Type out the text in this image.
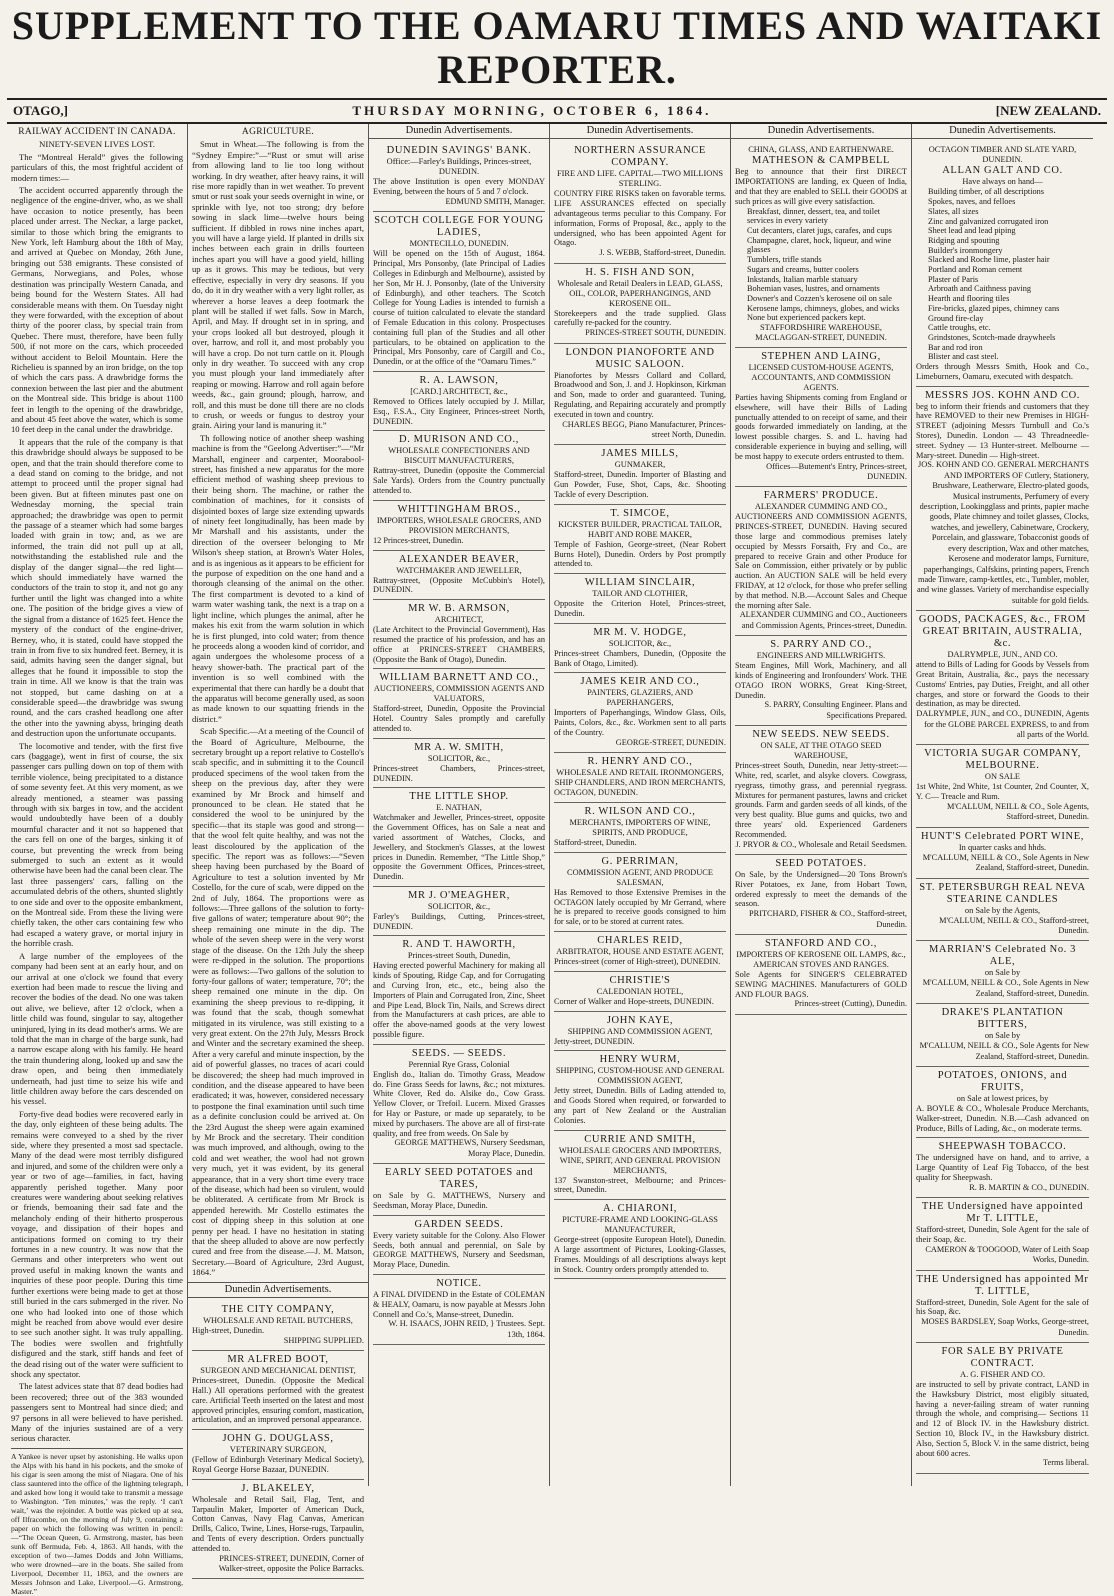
SUPPLEMENT TO THE OAMARU TIMES AND WAITAKI REPORTER.
OTAGO,]	THURSDAY MORNING, OCTOBER 6, 1864.	[NEW ZEALAND.
RAILWAY ACCIDENT IN CANADA.
NINETY-SEVEN LIVES LOST.

The “Montreal Herald” gives the following particulars of this, the most frightful accident of modern times:—

The accident occurred apparently through the negligence of the engine-driver, who, as we shall have occasion to notice presently, has been placed under arrest. The Neckar, a large packet, similar to those which bring the emigrants to New York, left Hamburg about the 18th of May, and arrived at Quebec on Monday, 26th June, bringing out 538 emigrants. These consisted of Germans, Norwegians, and Poles, whose destination was principally Western Canada, and being bound for the Western States. All had considerable means with them. On Tuesday night they were forwarded, with the exception of about thirty of the poorer class, by special train from Quebec. There must, therefore, have been fully 500, if not more on the cars, which proceeded without accident to Beloil Mountain. Here the Richelieu is spanned by an iron bridge, on the top of which the cars pass. A drawbridge forms the connexion between the last pier and the abutment on the Montreal side. This bridge is about 1100 feet in length to the opening of the drawbridge, and about 45 feet above the water, which is some 10 feet deep in the canal under the drawbridge.

It appears that the rule of the company is that this drawbridge should always be supposed to be open, and that the train should therefore come to a dead stand on coming to the bridge, and not attempt to proceed until the proper signal had been given. But at fifteen minutes past one on Wednesday morning, the special train approached; the drawbridge was open to permit the passage of a steamer which had some barges loaded with grain in tow; and, as we are informed, the train did not pull up at all, notwithstanding the established rule and the display of the danger signal—the red light—which should immediately have warned the conductors of the train to stop it, and not go any further until the light was changed into a white one. The position of the bridge gives a view of the signal from a distance of 1625 feet. Hence the mystery of the conduct of the engine-driver, Berney, who, it is stated, could have stopped the train in from five to six hundred feet. Berney, it is said, admits having seen the danger signal, but alleges that he found it impossible to stop the train in time. All we know is that the train was not stopped, but came dashing on at a considerable speed—the drawbridge was swung round, and the cars crashed headlong one after the other into the yawning abyss, bringing death and destruction upon the unfortunate occupants.

The locomotive and tender, with the first five cars (baggage), went in first of course, the six passenger cars pulling down on top of them with terrible violence, being precipitated to a distance of some seventy feet. At this very moment, as we already mentioned, a steamer was passing through with six barges in tow, and the accident would undoubtedly have been of a doubly mournful character and it not so happened that the cars fell on one of the barges, sinking it of course, but preventing the wreck from being submerged to such an extent as it would otherwise have been had the canal been clear. The last three passengers' cars, falling on the accumulated debris of the others, shunted slightly to one side and over to the opposite embankment, on the Montreal side. From these the living were chiefly taken, the other cars containing few who had escaped a watery grave, or mortal injury in the horrible crash.

A large number of the employees of the company had been sent at an early hour, and on our arrival at one o'clock we found that every exertion had been made to rescue the living and recover the bodies of the dead. No one was taken out alive, we believe, after 12 o'clock, when a little child was found, singular to say, altogether uninjured, lying in its dead mother's arms. We are told that the man in charge of the barge sunk, had a narrow escape along with his family. He heard the train thundering along, looked up and saw the draw open, and being then immediately underneath, had just time to seize his wife and little children away before the cars descended on his vessel.

Forty-five dead bodies were recovered early in the day, only eighteen of these being adults. The remains were conveyed to a shed by the river side, where they presented a most sad spectacle. Many of the dead were most terribly disfigured and injured, and some of the children were only a year or two of age—families, in fact, having apparently perished together. Many poor creatures were wandering about seeking relatives or friends, bemoaning their sad fate and the melancholy ending of their hitherto prosperous voyage, and dissipation of their hopes and anticipations formed on coming to try their fortunes in a new country. It was now that the Germans and other interpreters who went out proved useful in making known the wants and inquiries of these poor people. During this time further exertions were being made to get at those still buried in the cars submerged in the river. No one who had looked into one of those which might be reached from above would ever desire to see such another sight. It was truly appalling. The bodies were swollen and frightfully disfigured and the stark, stiff hands and feet of the dead rising out of the water were sufficient to shock any spectator.

The latest advices state that 87 dead bodies had been recovered; three out of the 383 wounded passengers sent to Montreal had since died; and 97 persons in all were believed to have perished. Many of the injuries sustained are of a very serious character.

A Yankee is never upset by astonishing. He walks upon the Alps with his hand in his pockets, and the smoke of his cigar is seen among the mist of Niagara. One of his class sauntered into the office of the lightning telegraph, and asked how long it would take to transmit a message to Washington. ‘Ten minutes,’ was the reply. ‘I can't wait,’ was the rejoinder. A bottle was picked up at sea, off Ilfracombe, on the morning of July 9, containing a paper on which the following was written in pencil:—“The Ocean Queen, G. Armstrong, master, has been sunk off Bermuda, Feb. 4, 1863. All hands, with the exception of two—James Dodds and John Williams, who were drowned—are in the boats. She sailed from Liverpool, December 11, 1863, and the owners are Messrs Johnson and Lake, Liverpool.—G. Armstrong, Master.”
AGRICULTURE.

Smut in Wheat.—The following is from the “Sydney Empire:”—“Rust or smut will arise from allowing land to lie too long without working. In dry weather, after heavy rains, it will rise more rapidly than in wet weather. To prevent smut or rust soak your seeds overnight in wine, or sprinkle with lye, not too strong; dry before sowing in slack lime—twelve hours being sufficient. If dibbled in rows nine inches apart, you will have a large yield. If planted in drills six inches between each grain in drills fourteen inches apart you will have a good yield, hilling up as it grows. This may be tedious, but very effective, especially in very dry seasons. If you do, do it in dry weather with a very light roller, as wherever a horse leaves a deep footmark the plant will be stalled if wet falls. Sow in March, April, and May. If drought set in in spring, and your crops looked all but destroyed, plough it over, harrow, and roll it, and most probably you will have a crop. Do not turn cattle on it. Plough only in dry weather. To succeed with any crop you must plough your land immediately after reaping or mowing. Harrow and roll again before weeds, &c., gain ground; plough, harrow, and roll, and this must be done till there are no clods to crush, or weeds or fungus to destroy your grain. Airing your land is manuring it.”

Th following notice of another sheep washing machine is from the “Geelong Advertiser:”—“Mr Marshall, engineer and carpenter, Moorabool-street, has finished a new apparatus for the more efficient method of washing sheep previous to their being shorn. The machine, or rather the combination of machines, for it consists of disjointed boxes of large size extending upwards of ninety feet longitudinally, has been made by Mr Marshall and his assistants, under the direction of the overseer belonging to Mr Wilson's sheep station, at Brown's Water Holes, and is as ingenious as it appears to be efficient for the purpose of expedition on the one hand and a thorough cleansing of the animal on the other. The first compartment is devoted to a kind of warm water washing tank, the next is a trap on a light incline, which plunges the animal, after he makes his exit from the warm solution in which he is first plunged, into cold water; from thence he proceeds along a wooden kind of corridor, and again undergoes the wholesome process of a heavy shower-bath. The practical part of the invention is so well combined with the experimental that there can hardly be a doubt that the apparatus will become generally used, as soon as made known to our squatting friends in the district.”

Scab Specific.—At a meeting of the Council of the Board of Agriculture, Melbourne, the secretary brought up a report relative to Costello's scab specific, and in submitting it to the Council produced specimens of the wool taken from the sheep on the previous day, after they were examined by Mr Brock and himself and pronounced to be clean. He stated that he considered the wool to be uninjured by the specific—that its staple was good and strong—that the wool felt quite healthy, and was not the least discoloured by the application of the specific. The report was as follows:—“Seven sheep having been purchased by the Board of Agriculture to test a solution invented by Mr Costello, for the cure of scab, were dipped on the 2nd of July, 1864. The proportions were as follows:—Three gallons of the solution to forty-five gallons of water; temperature about 90°; the sheep remaining one minute in the dip. The whole of the seven sheep were in the very worst stage of the disease. On the 12th July the sheep were re-dipped in the solution. The proportions were as follows:—Two gallons of the solution to forty-four gallons of water; temperature, 70°; the sheep remained one minute in the dip. On examining the sheep previous to re-dipping, it was found that the scab, though somewhat mitigated in its virulence, was still existing to a very great extent. On the 27th July, Messrs Brock and Winter and the secretary examined the sheep. After a very careful and minute inspection, by the aid of powerful glasses, no traces of acari could be discovered; the sheep had much improved in condition, and the disease appeared to have been eradicated; it was, however, considered necessary to postpone the final examination until such time as a definite conclusion could be arrived at. On the 23rd August the sheep were again examined by Mr Brock and the secretary. Their condition was much improved, and although, owing to the cold and wet weather, the wool had not grown very much, yet it was evident, by its general appearance, that in a very short time every trace of the disease, which had been so virulent, would be obliterated. A certificate from Mr Brock is appended herewith. Mr Costello estimates the cost of dipping sheep in this solution at one penny per head. I have no hesitation in stating that the sheep alluded to above are now perfectly cured and free from the disease.—J. M. Matson, Secretary.—Board of Agriculture, 23rd August, 1864.”

Dunedin Advertisements.
THE CITY COMPANY,
WHOLESALE AND RETAIL BUTCHERS,
High-street, Dunedin.
SHIPPING SUPPLIED.
MR ALFRED BOOT,
SURGEON AND MECHANICAL DENTIST,
Princes-street, Dunedin. (Opposite the Medical Hall.) All operations performed with the greatest care. Artificial Teeth inserted on the latest and most approved principles, ensuring comfort, mastication, articulation, and an improved personal appearance.
JOHN G. DOUGLASS,
VETERINARY SURGEON,
(Fellow of Edinburgh Veterinary Medical Society), Royal George Horse Bazaar, DUNEDIN.
J. BLAKELEY,
Wholesale and Retail Sail, Flag, Tent, and Tarpaulin Maker, Importer of American Duck, Cotton Canvas, Navy Flag Canvas, American Drills, Calico, Twine, Lines, Horse-rugs, Tarpaulin, and Tents of every description. Orders punctually attended to.
PRINCES-STREET, DUNEDIN, Corner of Walker-street, opposite the Police Barracks.
Dunedin Advertisements.
DUNEDIN SAVINGS' BANK.
Office:—Farley's Buildings, Princes-street, DUNEDIN.
The above Institution is open every MONDAY Evening, between the hours of 5 and 7 o'clock.
EDMUND SMITH, Manager.
SCOTCH COLLEGE FOR YOUNG LADIES,
MONTECILLO, DUNEDIN.
Will be opened on the 15th of August, 1864. Principal, Mrs Ponsonby, (late Principal of Ladies Colleges in Edinburgh and Melbourne), assisted by her Son, Mr H. J. Ponsonby, (late of the University of Edinburgh), and other teachers. The Scotch College for Young Ladies is intended to furnish a course of tuition calculated to elevate the standard of Female Education in this colony. Prospectuses containing full plan of the Studies and all other particulars, to be obtained on application to the Principal, Mrs Ponsonby, care of Cargill and Co., Dunedin, or at the office of the “Oamaru Times.”
R. A. LAWSON,
[CARD.] ARCHITECT, &c.,
Removed to Offices lately occupied by J. Millar, Esq., F.S.A., City Engineer, Princes-street North, DUNEDIN.
D. MURISON AND CO.,
WHOLESALE CONFECTIONERS AND BISCUIT MANUFACTURERS,
Rattray-street, Dunedin (opposite the Commercial Sale Yards). Orders from the Country punctually attended to.
WHITTINGHAM BROS.,
IMPORTERS, WHOLESALE GROCERS, AND PROVISION MERCHANTS,
12 Princes-street, Dunedin.
ALEXANDER BEAVER,
WATCHMAKER AND JEWELLER,
Rattray-street, (Opposite McCubbin's Hotel), DUNEDIN.
MR W. B. ARMSON,
ARCHITECT,
(Late Architect to the Provincial Government), Has resumed the practice of his profession, and has an office at PRINCES-STREET CHAMBERS, (Opposite the Bank of Otago), Dunedin.
WILLIAM BARNETT AND CO.,
AUCTIONEERS, COMMISSION AGENTS AND VALUATORS,
Stafford-street, Dunedin, Opposite the Provincial Hotel. Country Sales promptly and carefully attended to.
MR A. W. SMITH,
SOLICITOR, &c.,
Princes-street Chambers, Princes-street, DUNEDIN.
THE LITTLE SHOP.
E. NATHAN,
Watchmaker and Jeweller, Princes-street, opposite the Government Offices, has on Sale a neat and varied assortment of Watches, Clocks, and Jewellery, and Stockmen's Glasses, at the lowest prices in Dunedin. Remember, “The Little Shop,” opposite the Government Offices, Princes-street, Dunedin.
MR J. O'MEAGHER,
SOLICITOR, &c.,
Farley's Buildings, Cutting, Princes-street, DUNEDIN.
R. AND T. HAWORTH,
Princes-street South, Dunedin,
Having erected powerful Machinery for making all kinds of Spouting, Ridge Cap, and for Corrugating and Curving Iron, etc., etc., being also the Importers of Plain and Corrugated Iron, Zinc, Sheet and Pipe Lead, Block Tin, Nails, and Screws direct from the Manufacturers at cash prices, are able to offer the above-named goods at the very lowest possible figure.
SEEDS. — SEEDS.
Perennial Rye Grass, Colonial
English do., Italian do. Timothy Grass, Meadow do. Fine Grass Seeds for lawns, &c.; not mixtures. White Clover, Red do. Alsike do., Cow Grass. Yellow Clover, or Trefoil. Lucern. Mixed Grasses for Hay or Pasture, or made up separately, to be mixed by purchasers. The above are all of first-rate quality, and free from weeds. On Sale by
GEORGE MATTHEWS, Nursery Seedsman, Moray Place, Dunedin.
EARLY SEED POTATOES and TARES,
on Sale by G. MATTHEWS, Nursery and Seedsman, Moray Place, Dunedin.
GARDEN SEEDS.
Every variety suitable for the Colony. Also Flower Seeds, both annual and perennial, on Sale by GEORGE MATTHEWS, Nursery and Seedsman, Moray Place, Dunedin.
NOTICE.
A FINAL DIVIDEND in the Estate of COLEMAN & HEALY, Oamaru, is now payable at Messrs John Connell and Co.'s, Manse-street, Dunedin.
W. H. ISAACS, JOHN REID, } Trustees. Sept. 13th, 1864.
Dunedin Advertisements.
NORTHERN ASSURANCE COMPANY.
FIRE AND LIFE. CAPITAL—TWO MILLIONS STERLING.
COUNTRY FIRE RISKS taken on favorable terms. LIFE ASSURANCES effected on specially advantageous terms peculiar to this Company. For information, Forms of Proposal, &c., apply to the undersigned, who has been appointed Agent for Otago.
J. S. WEBB, Stafford-street, Dunedin.
H. S. FISH AND SON,
Wholesale and Retail Dealers in LEAD, GLASS, OIL, COLOR, PAPERHANGINGS, AND KEROSENE OIL.
Storekeepers and the trade supplied. Glass carefully re-packed for the country.
PRINCES-STREET SOUTH, DUNEDIN.
LONDON PIANOFORTE AND MUSIC SALOON.
Pianofortes by Messrs Collard and Collard, Broadwood and Son, J. and J. Hopkinson, Kirkman and Son, made to order and guaranteed. Tuning, Regulating, and Repairing accurately and promptly executed in town and country.
CHARLES BEGG, Piano Manufacturer, Princes-street North, Dunedin.
JAMES MILLS,
GUNMAKER,
Stafford-street, Dunedin. Importer of Blasting and Gun Powder, Fuse, Shot, Caps, &c. Shooting Tackle of every Description.
T. SIMCOE,
KICKSTER BUILDER, PRACTICAL TAILOR, HABIT AND ROBE MAKER,
Temple of Fashion, George-street, (Near Robert Burns Hotel), Dunedin. Orders by Post promptly attended to.
WILLIAM SINCLAIR,
TAILOR AND CLOTHIER,
Opposite the Criterion Hotel, Princes-street, Dunedin.
MR M. V. HODGE,
SOLICITOR, &c.,
Princes-street Chambers, Dunedin, (Opposite the Bank of Otago, Limited).
JAMES KEIR AND CO.,
PAINTERS, GLAZIERS, AND PAPERHANGERS,
Importers of Paperhangings, Window Glass, Oils, Paints, Colors, &c., &c. Workmen sent to all parts of the Country.
GEORGE-STREET, DUNEDIN.
R. HENRY AND CO.,
WHOLESALE AND RETAIL IRONMONGERS, SHIP CHANDLERS, AND IRON MERCHANTS,
OCTAGON, DUNEDIN.
R. WILSON AND CO.,
MERCHANTS, IMPORTERS OF WINE, SPIRITS, AND PRODUCE,
Stafford-street, Dunedin.
G. PERRIMAN,
COMMISSION AGENT, AND PRODUCE SALESMAN,
Has Removed to those Extensive Premises in the OCTAGON lately occupied by Mr Gerrand, where he is prepared to receive goods consigned to him for sale, or to be stored at current rates.
CHARLES REID,
ARBITRATOR, HOUSE AND ESTATE AGENT,
Princes-street (corner of High-street), DUNEDIN.
CHRISTIE'S
CALEDONIAN HOTEL,
Corner of Walker and Hope-streets, DUNEDIN.
JOHN KAYE,
SHIPPING AND COMMISSION AGENT,
Jetty-street, DUNEDIN.
HENRY WURM,
SHIPPING, CUSTOM-HOUSE AND GENERAL COMMISSION AGENT,
Jetty street, Dunedin. Bills of Lading attended to, and Goods Stored when required, or forwarded to any part of New Zealand or the Australian Colonies.
CURRIE AND SMITH,
WHOLESALE GROCERS AND IMPORTERS, WINE, SPIRIT, AND GENERAL PROVISION MERCHANTS,
137 Swanston-street, Melbourne; and Princes-street, Dunedin.
A. CHIARONI,
PICTURE-FRAME AND LOOKING-GLASS MANUFACTURER,
George-street (opposite European Hotel), Dunedin. A large assortment of Pictures, Looking-Glasses, Frames. Mouldings of all descriptions always kept in Stock. Country orders promptly attended to.
Dunedin Advertisements.
CHINA, GLASS, AND EARTHENWARE.
MATHESON & CAMPBELL
Beg to announce that their first DIRECT IMPORTATIONS are landing, ex Queen of India, and that they are enabled to SELL their GOODS at such prices as will give every satisfaction.
Breakfast, dinner, dessert, tea, and toilet services in every variety
Cut decanters, claret jugs, carafes, and cups
Champagne, claret, hock, liqueur, and wine glasses
Tumblers, trifle stands
Sugars and creams, butter coolers
Inkstands, Italian marble statuary
Bohemian vases, lustres, and ornaments
Downer's and Cozzen's kerosene oil on sale
Kerosene lamps, chimneys, globes, and wicks
None but experienced packers kept.
STAFFORDSHIRE WAREHOUSE, MACLAGGAN-STREET, DUNEDIN.
STEPHEN AND LAING,
LICENSED CUSTOM-HOUSE AGENTS, ACCOUNTANTS, AND COMMISSION AGENTS.
Parties having Shipments coming from England or elsewhere, will have their Bills of Lading punctually attended to on receipt of same, and their goods forwarded immediately on landing, at the lowest possible charges. S. and L. having had considerable experience in buying and selling, will be most happy to execute orders entrusted to them.
Offices—Butement's Entry, Princes-street, DUNEDIN.
FARMERS' PRODUCE.
ALEXANDER CUMMING AND CO.,
AUCTIONEERS AND COMMISSION AGENTS, PRINCES-STREET, DUNEDIN. Having secured those large and commodious premises lately occupied by Messrs Forsaith, Fry and Co., are prepared to receive Grain and other Produce for Sale on Commission, either privately or by public auction. An AUCTION SALE will be held every FRIDAY, at 12 o'clock, for those who prefer selling by that method. N.B.—Account Sales and Cheque the morning after Sale.
ALEXANDER CUMMING and CO., Auctioneers and Commission Agents, Princes-street, Dunedin.
S. PARRY AND CO.,
ENGINEERS AND MILLWRIGHTS.
Steam Engines, Mill Work, Machinery, and all kinds of Engineering and Ironfounders' Work. THE OTAGO IRON WORKS, Great King-Street, Dunedin.
S. PARRY, Consulting Engineer. Plans and Specifications Prepared.
NEW SEEDS. NEW SEEDS.
ON SALE, AT THE OTAGO SEED WAREHOUSE,
Princes-street South, Dunedin, near Jetty-street:—White, red, scarlet, and alsyke clovers. Cowgrass, ryegrass, timothy grass, and perennial ryegrass. Mixtures for permanent pastures, lawns and cricket grounds. Farm and garden seeds of all kinds, of the very best quality. Blue gums and quicks, two and three years' old. Experienced Gardeners Recommended.
J. PRYOR & CO., Wholesale and Retail Seedsmen.
SEED POTATOES.
On Sale, by the Undersigned—20 Tons Brown's River Potatoes, ex Jane, from Hobart Town, ordered expressly to meet the demands of the season.
PRITCHARD, FISHER & CO., Stafford-street, Dunedin.
STANFORD AND CO.,
IMPORTERS OF KEROSENE OIL LAMPS, &c., AMERICAN STOVES AND RANGES.
Sole Agents for SINGER'S CELEBRATED SEWING MACHINES. Manufacturers of GOLD AND FLOUR BAGS.
Princes-street (Cutting), Dunedin.
Dunedin Advertisements.
OCTAGON TIMBER AND SLATE YARD,
DUNEDIN.
ALLAN GALT AND CO.
Have always on hand—
Building timber, of all descriptions
Spokes, naves, and felloes
Slates, all sizes
Zinc and galvanized corrugated iron
Sheet lead and lead piping
Ridging and spouting
Builder's ironmongery
Slacked and Roche lime, plaster hair
Portland and Roman cement
Plaster of Paris
Arbroath and Caithness paving
Hearth and flooring tiles
Fire-bricks, glazed pipes, chimney cans
Ground fire-clay
Cattle troughs, etc.
Grindstones, Scotch-made draywheels
Bar and rod iron
Blister and cast steel.
Orders through Messrs Smith, Hook and Co., Limeburners, Oamaru, executed with despatch.
MESSRS JOS. KOHN AND CO.
beg to inform their friends and customers that they have REMOVED to their new Premises in HIGH-STREET (adjoining Messrs Turnbull and Co.'s Stores), Dunedin. London — 43 Threadneedle-street. Sydney — 13 Hunter-street. Melbourne — Mary-street. Dunedin — High-street.
JOS. KOHN AND CO. GENERAL MERCHANTS AND IMPORTERS OF Cutlery, Stationery, Brushware, Leatherware, Electro-plated goods, Musical instruments, Perfumery of every description, Lookingglass and prints, papier mache goods, Plate chimney and toilet glasses, Clocks, watches, and jewellery, Cabinetware, Crockery, Porcelain, and glassware, Tobacconist goods of every description, Wax and other matches, Kerosene and moderator lamps, Furniture, paperhangings, Calfskins, printing papers, French made Tinware, camp-kettles, etc., Tumbler, mobler, and wine glasses. Variety of merchandise especially suitable for gold fields.
GOODS, PACKAGES, &c., FROM GREAT BRITAIN, AUSTRALIA, &c.
DALRYMPLE, JUN., AND CO.
attend to Bills of Lading for Goods by Vessels from Great Britain, Australia, &c., pays the necessary Customs' Entries, pay Duties, Freight, and all other charges, and store or forward the Goods to their destination, as may be directed.
DALRYMPLE, JUN., and CO., DUNEDIN, Agents for the GLOBE PARCEL EXPRESS, to and from all parts of the World.
VICTORIA SUGAR COMPANY, MELBOURNE.
ON SALE
1st White, 2nd White, 1st Counter, 2nd Counter, X, Y. C— Treacle and Rum.
M'CALLUM, NEILL & CO., Sole Agents, Stafford-street, Dunedin.
HUNT'S Celebrated PORT WINE,
In quarter casks and hhds.
M'CALLUM, NEILL & CO., Sole Agents in New Zealand, Stafford-street, Dunedin.
ST. PETERSBURGH REAL NEVA STEARINE CANDLES
on Sale by the Agents,
M'CALLUM, NEILL & CO., Stafford-street, Dunedin.
MARRIAN'S Celebrated No. 3 ALE,
on Sale by
M'CALLUM, NEILL & CO., Sole Agents in New Zealand, Stafford-street, Dunedin.
DRAKE'S PLANTATION BITTERS,
on Sale by
M'CALLUM, NEILL & CO., Sole Agents for New Zealand, Stafford-street, Dunedin.
POTATOES, ONIONS, and FRUITS,
on Sale at lowest prices, by
A. BOYLE & CO., Wholesale Produce Merchants, Walker-street, Dunedin. N.B.—Cash advanced on Produce, Bills of Lading, &c., on moderate terms.
SHEEPWASH TOBACCO.
The undersigned have on hand, and to arrive, a Large Quantity of Leaf Fig Tobacco, of the best quality for Sheepwash.
R. B. MARTIN & CO., DUNEDIN.
THE Undersigned have appointed Mr T. LITTLE,
Stafford-street, Dunedin, Sole Agent for the sale of their Soap, &c.
CAMERON & TOOGOOD, Water of Leith Soap Works, Dunedin.
THE Undersigned has appointed Mr T. LITTLE,
Stafford-street, Dunedin, Sole Agent for the sale of his Soap, &c.
MOSES BARDSLEY, Soap Works, George-street, Dunedin.
FOR SALE BY PRIVATE CONTRACT.
A. G. FISHER AND CO.
are instructed to sell by private contract, LAND in the Hawksbury District, most eligibly situated, having a never-failing stream of water running through the whole, and comprising— Sections 11 and 12 of Block IV. in the Hawksbury district. Section 10, Block IV., in the Hawksbury district. Also, Section 5, Block V. in the same district, being about 600 acres.
Terms liberal.
